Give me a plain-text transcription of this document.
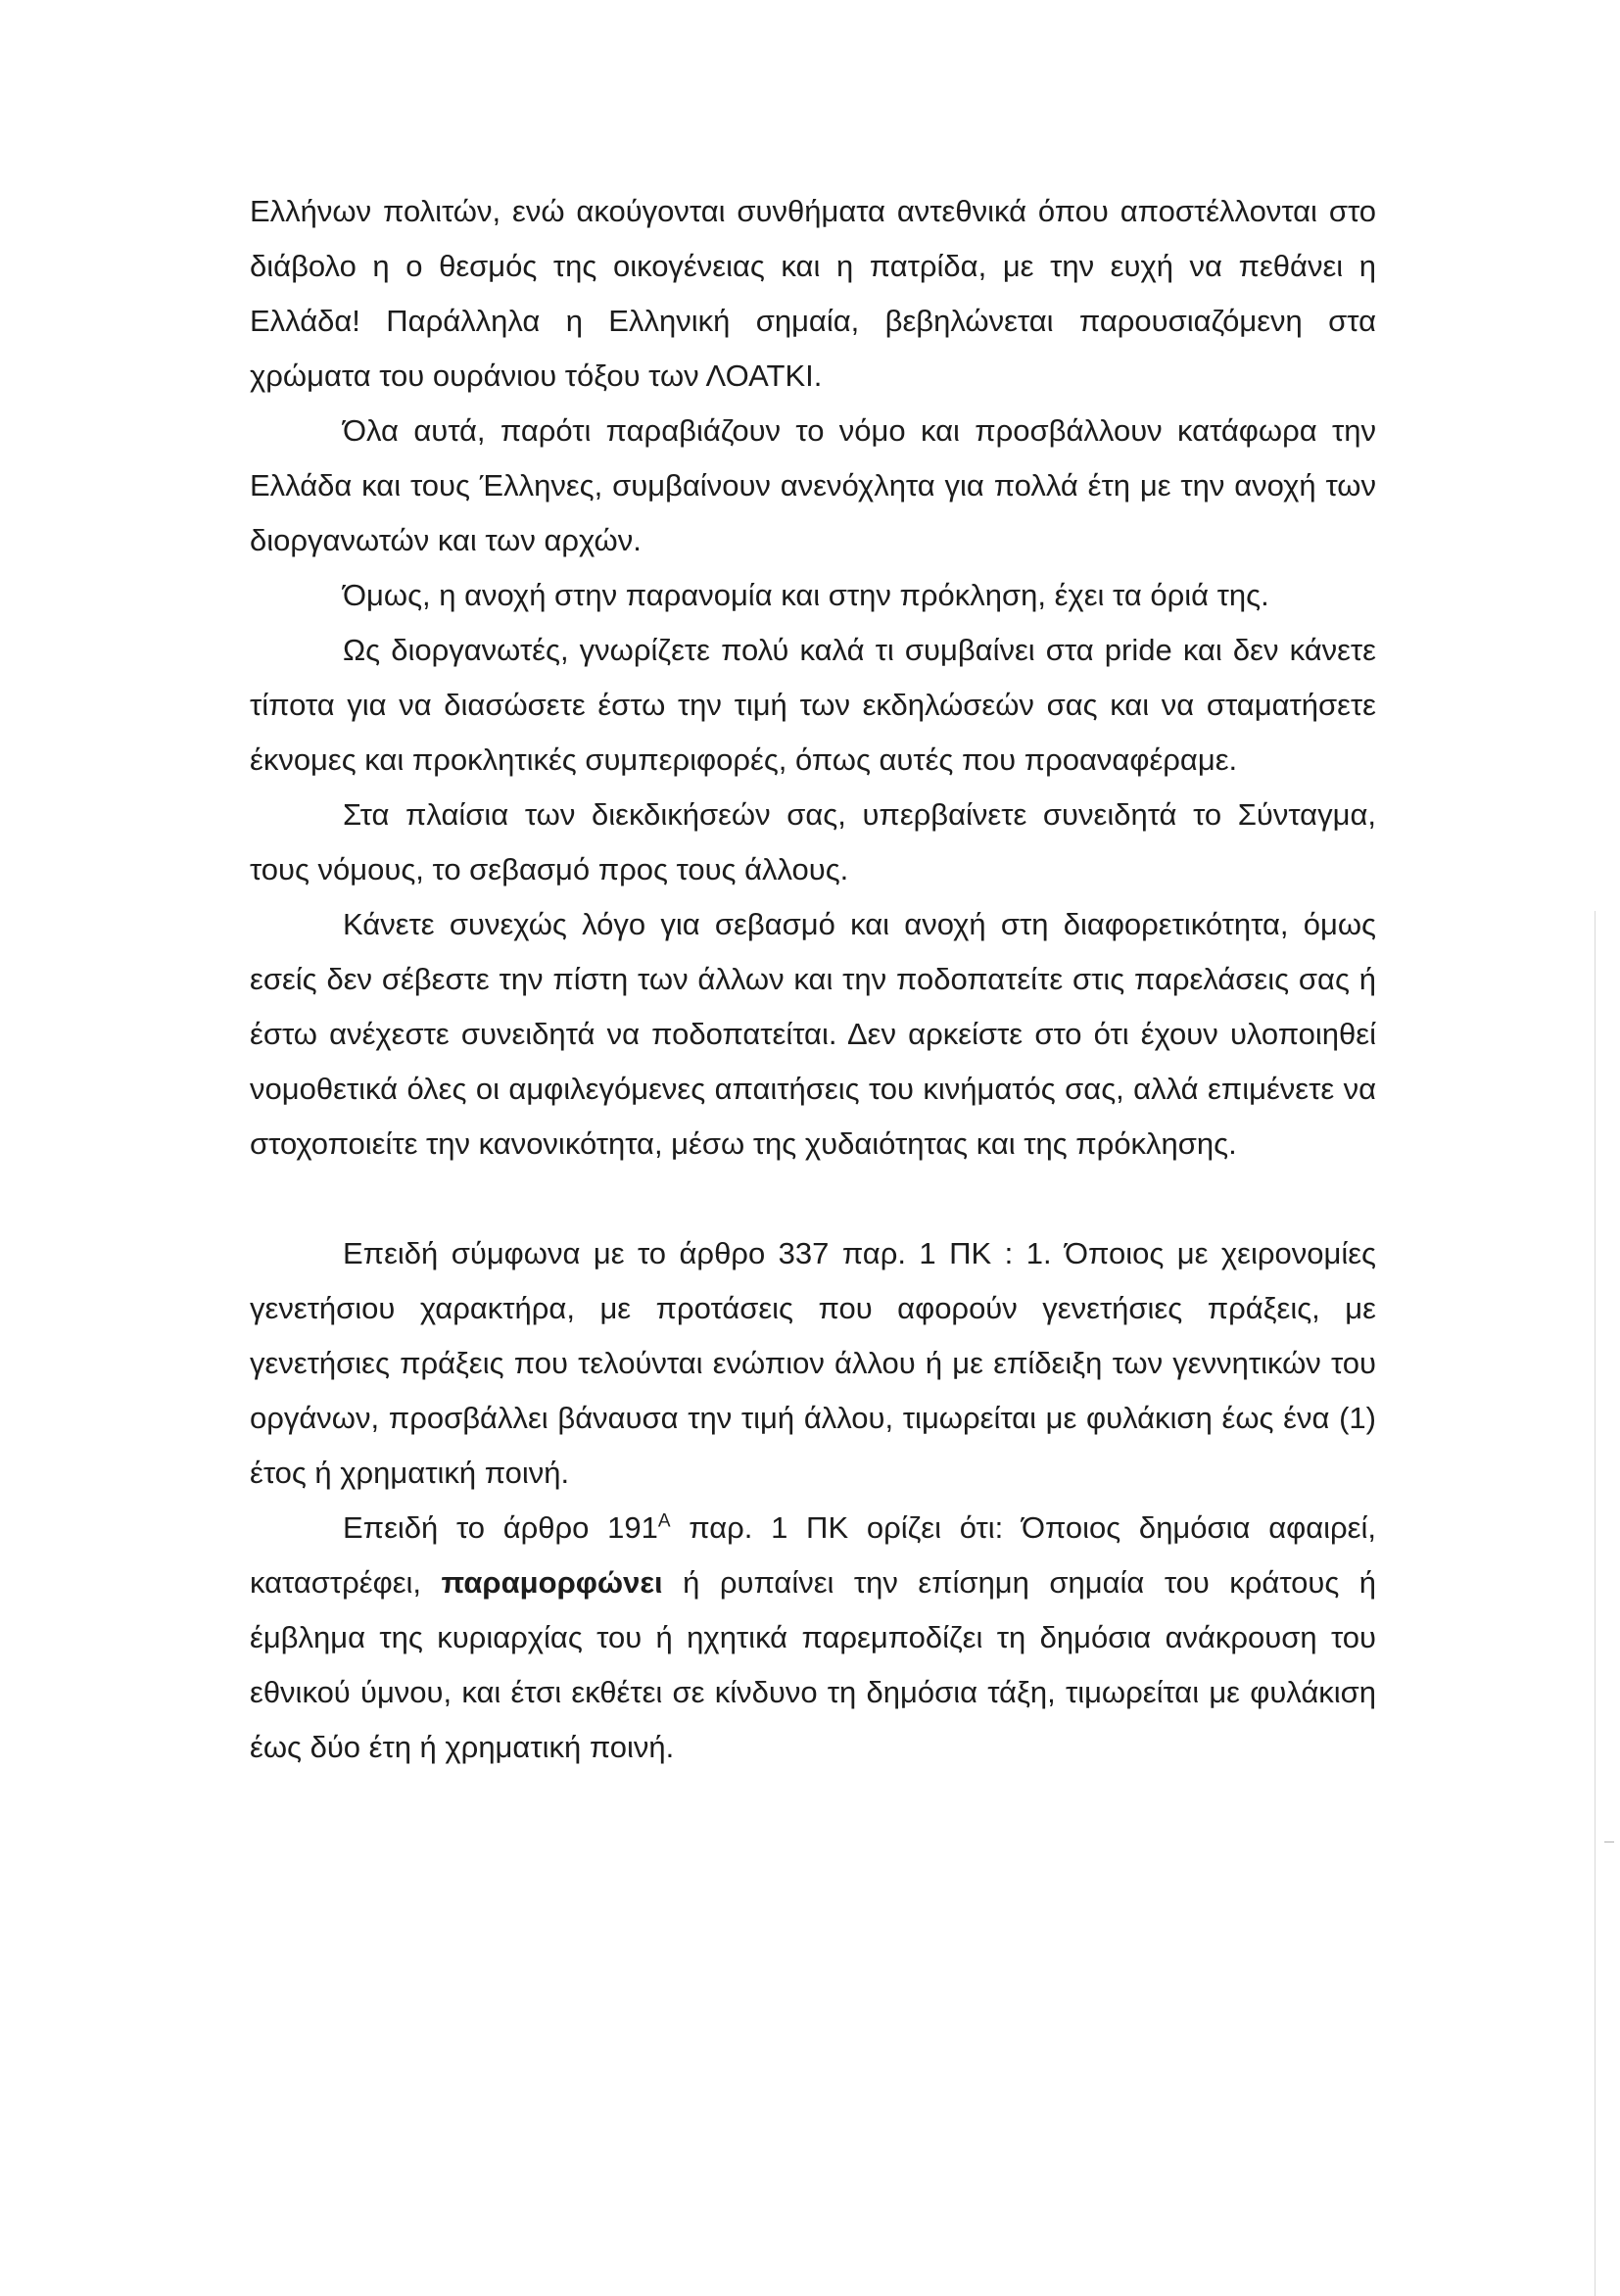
Ελλήνων πολιτών, ενώ ακούγονται συνθήματα αντεθνικά όπου αποστέλλονται στο διάβολο η ο θεσμός της οικογένειας και η πατρίδα, με την ευχή να πεθάνει η Ελλάδα! Παράλληλα η Ελληνική σημαία, βεβηλώνεται παρουσιαζόμενη στα χρώματα του ουράνιου τόξου των ΛΟΑΤΚΙ.

Όλα αυτά, παρότι παραβιάζουν το νόμο και προσβάλλουν κατάφωρα την Ελλάδα και τους Έλληνες, συμβαίνουν ανενόχλητα για πολλά έτη με την ανοχή των διοργανωτών και των αρχών.

Όμως, η ανοχή στην παρανομία και στην πρόκληση, έχει τα όριά της.

Ως διοργανωτές, γνωρίζετε πολύ καλά τι συμβαίνει στα pride και δεν κάνετε τίποτα για να διασώσετε έστω την τιμή των εκδηλώσεών σας και να σταματήσετε έκνομες και προκλητικές συμπεριφορές, όπως αυτές που προαναφέραμε.

Στα πλαίσια των διεκδικήσεών σας, υπερβαίνετε συνειδητά το Σύνταγμα, τους νόμους, το σεβασμό προς τους άλλους.

Κάνετε συνεχώς λόγο για σεβασμό και ανοχή στη διαφορετικότητα, όμως εσείς δεν σέβεστε την πίστη των άλλων και την ποδοπατείτε στις παρελάσεις σας ή έστω ανέχεστε συνειδητά να ποδοπατείται. Δεν αρκείστε στο ότι έχουν υλοποιηθεί νομοθετικά όλες οι αμφιλεγόμενες απαιτήσεις του κινήματός σας, αλλά επιμένετε να στοχοποιείτε την κανονικότητα, μέσω της χυδαιότητας και της πρόκλησης.

Επειδή σύμφωνα με το άρθρο 337 παρ. 1 ΠΚ : 1. Όποιος με χειρονομίες γενετήσιου χαρακτήρα, με προτάσεις που αφορούν γενετήσιες πράξεις, με γενετήσιες πράξεις που τελούνται ενώπιον άλλου ή με επίδειξη των γεννητικών του οργάνων, προσβάλλει βάναυσα την τιμή άλλου, τιμωρείται με φυλάκιση έως ένα (1) έτος ή χρηματική ποινή.

Επειδή το άρθρο $191^A$ παρ. 1 ΠΚ ορίζει ότι: Όποιος δημόσια αφαιρεί, καταστρέφει, παραμορφώνει ή ρυπαίνει την επίσημη σημαία του κράτους ή έμβλημα της κυριαρχίας του ή ηχητικά παρεμποδίζει τη δημόσια ανάκρουση του εθνικού ύμνου, και έτσι εκθέτει σε κίνδυνο τη δημόσια τάξη, τιμωρείται με φυλάκιση έως δύο έτη ή χρηματική ποινή.
